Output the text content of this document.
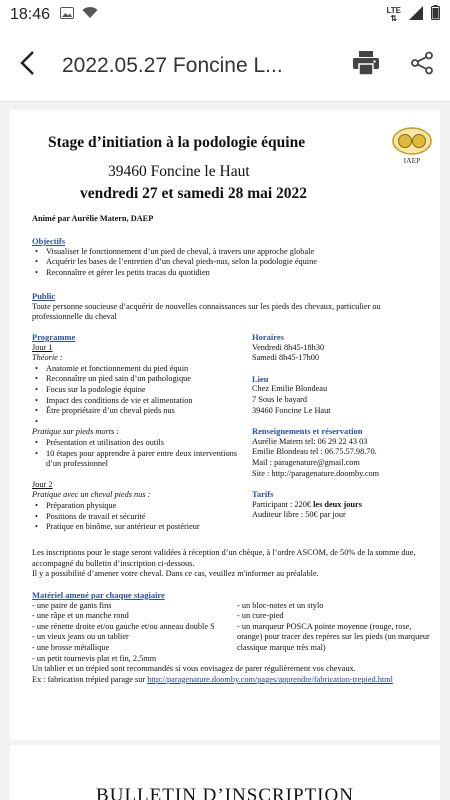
18:46	LTE
⇅
2022.05.27 Foncine L...
Stage d’initiation à la podologie équine
IAEP
39460 Foncine le Haut
vendredi 27 et samedi 28 mai 2022
Animé par Aurélie Matern, DAEP
Objectifs
• Visualiser le fonctionnement d’un pied de cheval, à travers une approche globale
• Acquérir les bases de l’entretien d’un cheval pieds-nus, selon la podologie équine
• Reconnaître et gérer les petits tracas du quotidien
Public
Toute personne soucieuse d’acquérir de nouvelles connaissances sur les pieds des chevaux, particulier ou professionnelle du cheval
Programme
Jour 1
Théorie :
• Anatomie et fonctionnement du pied équin
• Reconnaître un pied sain d’un pathologique
• Focus sur la podologie équine
• Impact des conditions de vie et alimentation
• Être propriétaire d’un cheval pieds nus
•
Pratique sur pieds morts :
• Présentation et utilisation des outils
• 10 étapes pour apprendre à parer entre deux interventions d’un professionnel
Jour 2
Pratique avec un cheval pieds nus :
• Préparation physique
• Positions de travail et sécurité
• Pratique en binôme, sur antérieur et postérieur
Horaires
Vendredi 8h45-18h30
Samedi 8h45-17h00
Lieu
Chez Emilie Blondeau
7 Sous le bayard
39460 Foncine Le Haut
Renseignements et réservation
Aurélie Matern tel: 06 29 22 43 03
Emilie Blondeau tel : 06.75.57.98.70.
Mail : paragenature@gmail.com
Site : http://paragenature.doomby.com
Tarifs
Participant : 220€ les deux jours
Auditeur libre : 50€ par jour
Les inscriptions pour le stage seront validées à réception d’un chèque, à l’ordre ASCOM, de 50% de la somme due, accompagné du bulletin d’inscription ci-dessous.
Il y a possibilité d’amener votre cheval. Dans ce cas, veuillez m'informer au préalable.
Matériel amené par chaque stagiaire
- une paire de gants fins
- une râpe et un manche rond
- une rénette droite et/ou gauche et/ou anneau double S
- un vieux jeans ou un tablier
- une brosse métallique
- un petit tournevis plat et fin, 2.5mm
- un bloc-notes et un stylo
- un cure-pied
- un marqueur POSCA pointe moyenne (rouge, rose, orange) pour tracer des repères sur les pieds (un marqueur classique marque très mal)
Un tablier et un trépied sont recommandés si vous envisagez de parer régulièrement vos chevaux.
Ex : fabrication trépied parage sur http://paragenature.doomby.com/pages/apprendre/fabrication-trepied.html
BULLETIN D’INSCRIPTION
